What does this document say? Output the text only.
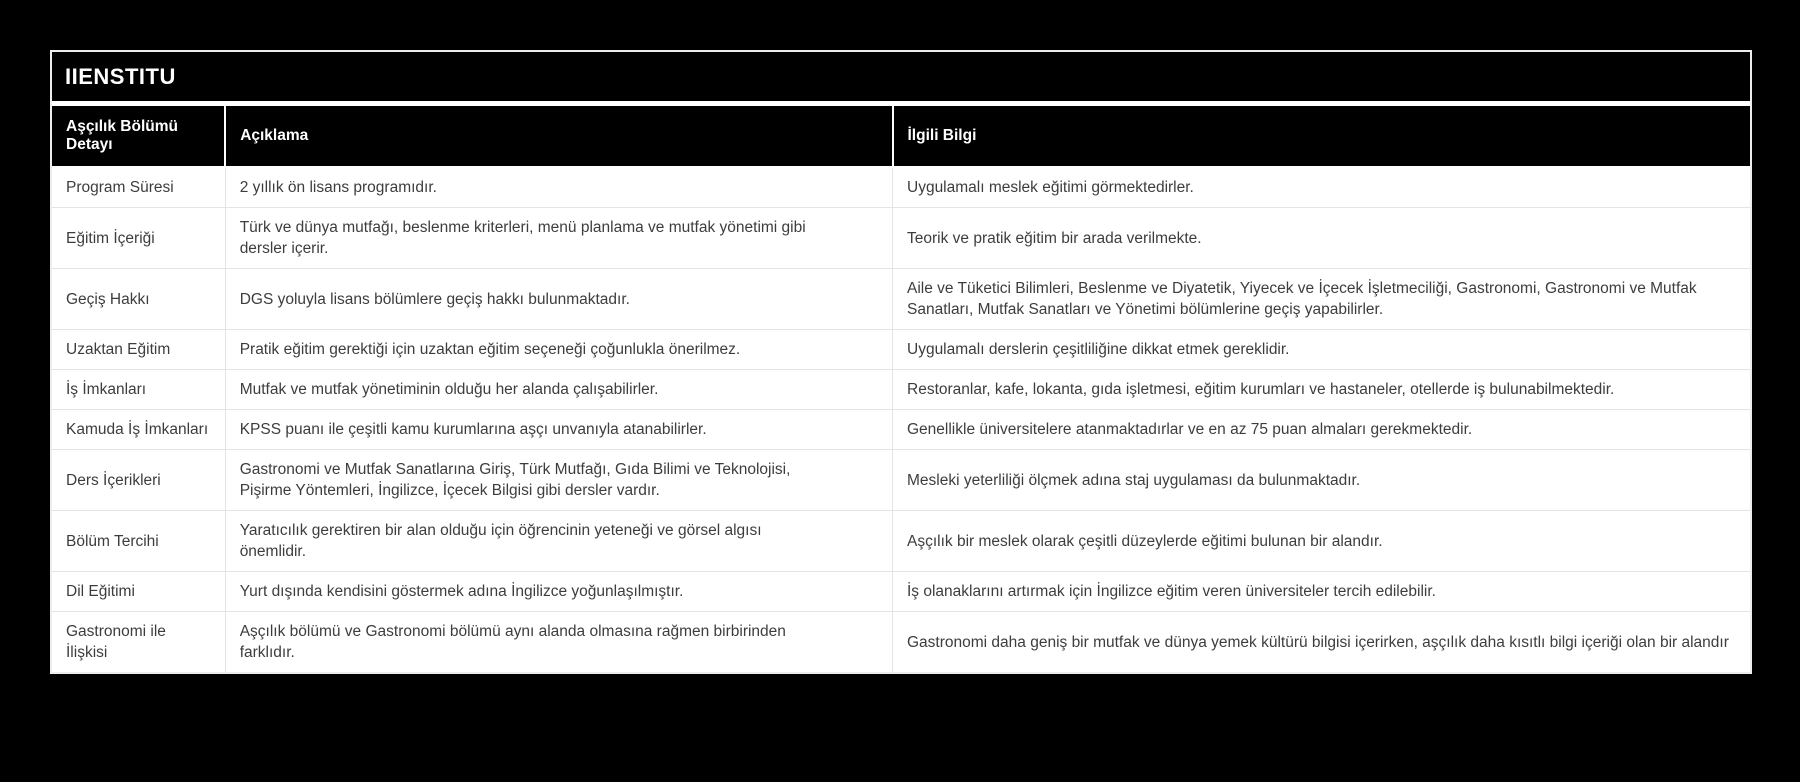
IIENSTITU
Aşçılık Bölümü Detayı	Açıklama	İlgili Bilgi
Program Süresi	2 yıllık ön lisans programıdır.	Uygulamalı meslek eğitimi görmektedirler.
Eğitim İçeriği	Türk ve dünya mutfağı, beslenme kriterleri, menü planlama ve mutfak yönetimi gibi dersler içerir.	Teorik ve pratik eğitim bir arada verilmekte.
Geçiş Hakkı	DGS yoluyla lisans bölümlere geçiş hakkı bulunmaktadır.	Aile ve Tüketici Bilimleri, Beslenme ve Diyatetik, Yiyecek ve İçecek İşletmeciliği, Gastronomi, Gastronomi ve Mutfak Sanatları, Mutfak Sanatları ve Yönetimi bölümlerine geçiş yapabilirler.
Uzaktan Eğitim	Pratik eğitim gerektiği için uzaktan eğitim seçeneği çoğunlukla önerilmez.	Uygulamalı derslerin çeşitliliğine dikkat etmek gereklidir.
İş İmkanları	Mutfak ve mutfak yönetiminin olduğu her alanda çalışabilirler.	Restoranlar, kafe, lokanta, gıda işletmesi, eğitim kurumları ve hastaneler, otellerde iş bulunabilmektedir.
Kamuda İş İmkanları	KPSS puanı ile çeşitli kamu kurumlarına aşçı unvanıyla atanabilirler.	Genellikle üniversitelere atanmaktadırlar ve en az 75 puan almaları gerekmektedir.
Ders İçerikleri	Gastronomi ve Mutfak Sanatlarına Giriş, Türk Mutfağı, Gıda Bilimi ve Teknolojisi, Pişirme Yöntemleri, İngilizce, İçecek Bilgisi gibi dersler vardır.	Mesleki yeterliliği ölçmek adına staj uygulaması da bulunmaktadır.
Bölüm Tercihi	Yaratıcılık gerektiren bir alan olduğu için öğrencinin yeteneği ve görsel algısı önemlidir.	Aşçılık bir meslek olarak çeşitli düzeylerde eğitimi bulunan bir alandır.
Dil Eğitimi	Yurt dışında kendisini göstermek adına İngilizce yoğunlaşılmıştır.	İş olanaklarını artırmak için İngilizce eğitim veren üniversiteler tercih edilebilir.
Gastronomi ile İlişkisi	Aşçılık bölümü ve Gastronomi bölümü aynı alanda olmasına rağmen birbirinden farklıdır.	Gastronomi daha geniş bir mutfak ve dünya yemek kültürü bilgisi içerirken, aşçılık daha kısıtlı bilgi içeriği olan bir alandır
